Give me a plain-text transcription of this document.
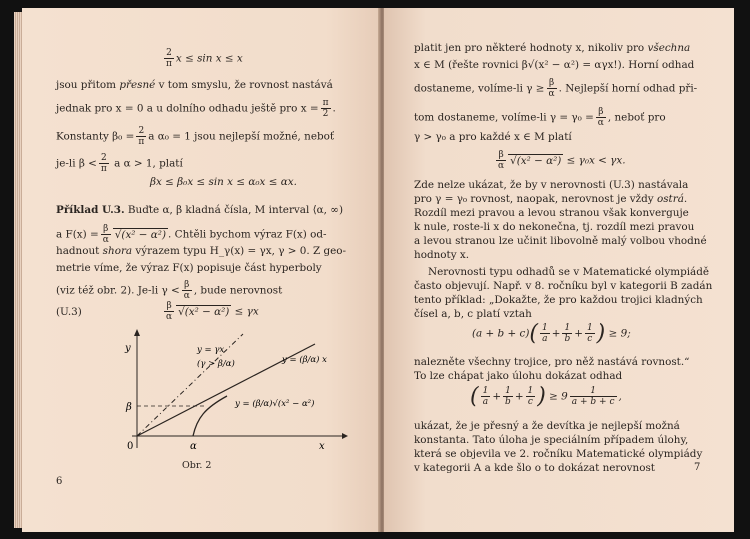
$\frac{2}{\pi}$ x ≤ sin x ≤ x
jsou přitom přesné v tom smyslu, že rovnost nastává
jednak pro x = 0 a u dolního odhadu ještě pro $x = \frac{\pi}{2}$ .
Konstanty $\beta_0 = \frac{2}{\pi}$ a α₀ = 1 jsou nejlepší možné, neboť
je-li $\beta < \frac{2}{\pi}$ a α > 1, platí
βx ≤ β₀x ≤ sin x ≤ α₀x ≤ αx.
Příklad U.3. Buďte α, β kladná čísla, M interval ⟨α, ∞)
a $F(x) = \frac{\beta}{\alpha} √(x^2 - \alpha^2)$ . Chtěli bychom výraz F(x) od-
hadnout shora výrazem typu H_γ(x) = γx, γ > 0. Z geo-
metrie víme, že výraz F(x) popisuje část hyperboly
(viz též obr. 2). Je-li $\gamma < \frac{\beta}{\alpha}$ , bude nerovnost
(U.3)	$\frac{\beta}{\alpha} √(x^2 - \alpha^2) \le \gamma x$
y
x
0
β
α
y = γx
(γ > β/α)	y = (β/α) x
y = (β/α)√(x² − α²)
Obr. 2
6
platit jen pro některé hodnoty x, nikoliv pro všechna
x ∈ M (řešte rovnici β√(x² − α²) = αγx!). Horní odhad
dostaneme, volíme-li $\gamma \ge \frac{\beta}{\alpha}$ . Nejlepší horní odhad při-
tom dostaneme, volíme-li $\gamma = \gamma_0 = \frac{\beta}{\alpha}$ , neboť pro
γ > γ₀ a pro každé x ∈ M platí
$\frac{\beta}{\alpha} √(x^2 - \alpha^2) \le \gamma_0x < \gamma x$.
Zde nelze ukázat, že by v nerovnosti (U.3) nastávala
pro γ = γ₀ rovnost, naopak, nerovnost je vždy ostrá.
Rozdíl mezi pravou a levou stranou však konverguje
k nule, roste-li x do nekonečna, tj. rozdíl mezi pravou
a levou stranou lze učinit libovolně malý volbou vhodné
hodnoty x.
Nerovnosti typu odhadů se v Matematické olympiádě
často objevují. Např. v 8. ročníku byl v kategorii B zadán
tento příklad: „Dokažte, že pro každou trojici kladných
čísel a, b, c platí vztah
$(a + b + c)( \frac{1}{a} + \frac{1}{b} + \frac{1}{c}$ ) ≥ 9;
nalezněte všechny trojice, pro něž nastává rovnost.“
To lze chápat jako úlohu dokázat odhad
( $\frac{1}{a} + \frac{1}{b} + \frac{1}{c}$ ) ≥ $9 \frac{1}{a + b + c}$ ,
ukázat, že je přesný a že devítka je nejlepší možná
konstanta. Tato úloha je speciálním případem úlohy,
která se objevila ve 2. ročníku Matematické olympiády
v kategorii A a kde šlo o to dokázat nerovnost	7
